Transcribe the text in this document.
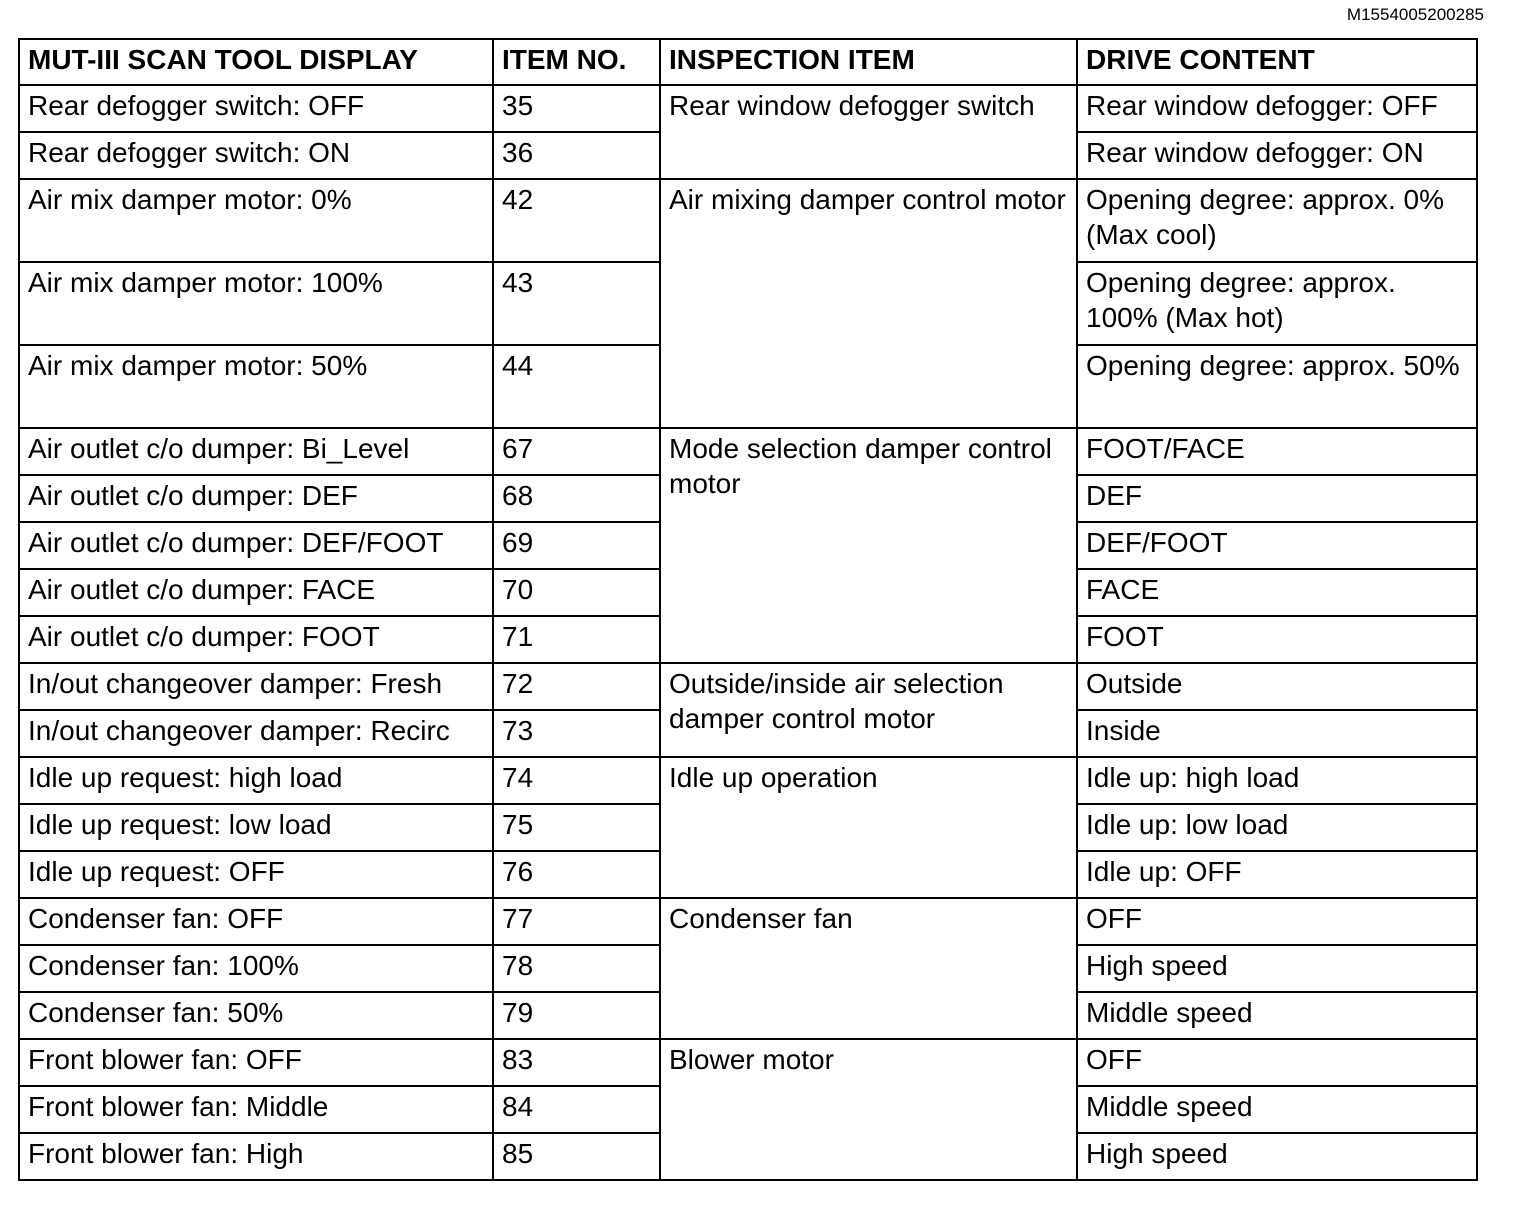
M1554005200285
MUT-III SCAN TOOL DISPLAY	ITEM NO.	INSPECTION ITEM	DRIVE CONTENT
Rear defogger switch: OFF	35	Rear window defogger switch	Rear window defogger: OFF
Rear defogger switch: ON	36		Rear window defogger: ON
Air mix damper motor: 0%	42	Air mixing damper control motor	Opening degree: approx. 0% (Max cool)
Air mix damper motor: 100%	43		Opening degree: approx. 100% (Max hot)
Air mix damper motor: 50%	44		Opening degree: approx. 50%
Air outlet c/o dumper: Bi_Level	67	Mode selection damper control motor	FOOT/FACE
Air outlet c/o dumper: DEF	68		DEF
Air outlet c/o dumper: DEF/FOOT	69		DEF/FOOT
Air outlet c/o dumper: FACE	70		FACE
Air outlet c/o dumper: FOOT	71		FOOT
In/out changeover damper: Fresh	72	Outside/inside air selection damper control motor	Outside
In/out changeover damper: Recirc	73		Inside
Idle up request: high load	74	Idle up operation	Idle up: high load
Idle up request: low load	75		Idle up: low load
Idle up request: OFF	76		Idle up: OFF
Condenser fan: OFF	77	Condenser fan	OFF
Condenser fan: 100%	78		High speed
Condenser fan: 50%	79		Middle speed
Front blower fan: OFF	83	Blower motor	OFF
Front blower fan: Middle	84		Middle speed
Front blower fan: High	85		High speed
